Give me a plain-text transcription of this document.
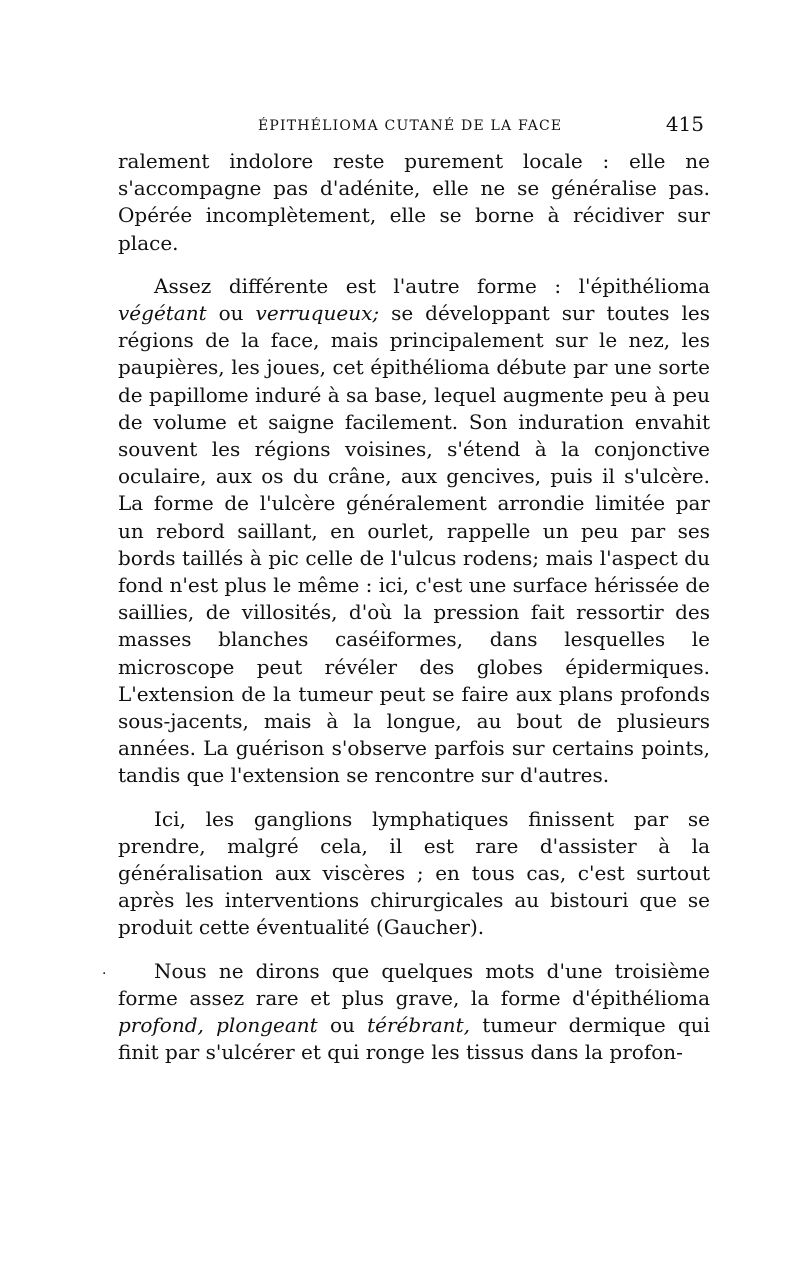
ÉPITHÉLIOMA CUTANÉ DE LA FACE	415

ralement indolore reste purement locale : elle ne s'accompagne pas d'adénite, elle ne se généralise pas. Opérée incomplètement, elle se borne à récidiver sur place.

Assez différente est l'autre forme : l'épithélioma végétant ou verruqueux; se développant sur toutes les régions de la face, mais principalement sur le nez, les paupières, les joues, cet épithélioma débute par une sorte de papillome induré à sa base, lequel augmente peu à peu de volume et saigne facilement. Son induration envahit souvent les régions voisines, s'étend à la conjonctive oculaire, aux os du crâne, aux gencives, puis il s'ulcère. La forme de l'ulcère généralement arrondie limitée par un rebord saillant, en ourlet, rappelle un peu par ses bords taillés à pic celle de l'ulcus rodens; mais l'aspect du fond n'est plus le même : ici, c'est une surface hérissée de saillies, de villosités, d'où la pression fait ressortir des masses blanches caséiformes, dans lesquelles le microscope peut révéler des globes épidermiques. L'extension de la tumeur peut se faire aux plans profonds sous-jacents, mais à la longue, au bout de plusieurs années. La guérison s'observe parfois sur certains points, tandis que l'extension se rencontre sur d'autres.

Ici, les ganglions lymphatiques finissent par se prendre, malgré cela, il est rare d'assister à la généralisation aux viscères ; en tous cas, c'est surtout après les interventions chirurgicales au bistouri que se produit cette éventualité (Gaucher).

Nous ne dirons que quelques mots d'une troisième forme assez rare et plus grave, la forme d'épithélioma profond, plongeant ou térébrant, tumeur dermique qui finit par s'ulcérer et qui ronge les tissus dans la profon-

·
